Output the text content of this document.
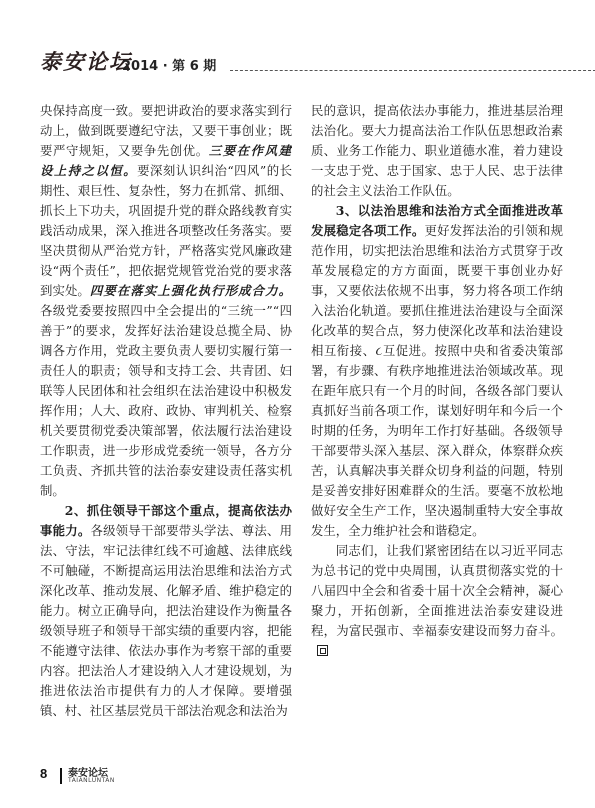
泰安论坛
2014 · 第 6 期

央保持高度一致。要把讲政治的要求落实到行动上，做到既要遵纪守法，又要干事创业；既要严守规矩，又要争先创优。三要在作风建设上持之以恒。要深刻认识纠治“四风”的长期性、艰巨性、复杂性，努力在抓常、抓细、抓长上下功夫，巩固提升党的群众路线教育实践活动成果，深入推进各项整改任务落实。要坚决贯彻从严治党方针，严格落实党风廉政建设“两个责任”，把依据党规管党治党的要求落到实处。四要在落实上强化执行形成合力。各级党委要按照四中全会提出的“三统一”“四善于”的要求，发挥好法治建设总揽全局、协调各方作用，党政主要负责人要切实履行第一责任人的职责；领导和支持工会、共青团、妇联等人民团体和社会组织在法治建设中积极发挥作用；人大、政府、政协、审判机关、检察机关要贯彻党委决策部署，依法履行法治建设工作职责，进一步形成党委统一领导，各方分工负责、齐抓共管的法治泰安建设责任落实机制。

2、抓住领导干部这个重点，提高依法办事能力。各级领导干部要带头学法、尊法、用法、守法，牢记法律红线不可逾越、法律底线不可触碰，不断提高运用法治思维和法治方式深化改革、推动发展、化解矛盾、维护稳定的能力。树立正确导向，把法治建设作为衡量各级领导班子和领导干部实绩的重要内容，把能不能遵守法律、依法办事作为考察干部的重要内容。把法治人才建设纳入人才建设规划，为推进依法治市提供有力的人才保障。要增强镇、村、社区基层党员干部法治观念和法治为

民的意识，提高依法办事能力，推进基层治理法治化。要大力提高法治工作队伍思想政治素质、业务工作能力、职业道德水准，着力建设一支忠于党、忠于国家、忠于人民、忠于法律的社会主义法治工作队伍。

3、以法治思维和法治方式全面推进改革发展稳定各项工作。更好发挥法治的引领和规范作用，切实把法治思维和法治方式贯穿于改革发展稳定的方方面面，既要干事创业办好事，又要依法依规不出事，努力将各项工作纳入法治化轨道。要抓住推进法治建设与全面深化改革的契合点，努力使深化改革和法治建设相互衔接、૮互促进。按照中央和省委决策部署，有步骤、有秩序地推进法治领域改革。现在距年底只有一个月的时间，各级各部门要认真抓好当前各项工作，谋划好明年和今后一个时期的任务，为明年工作打好基础。各级领导干部要带头深入基层、深入群众，体察群众疾苦，认真解决事关群众切身利益的问题，特别是妥善安排好困难群众的生活。要毫不放松地做好安全生产工作，坚决遏制重特大安全事故发生，全力维护社会和谐稳定。

同志们，让我们紧密团结在以习近平同志为总书记的党中央周围，认真贯彻落实党的十八届四中全会和省委十届十次全会精神，凝心聚力，开拓创新，全面推进法治泰安建设进程，为富民强市、幸福泰安建设而努力奋斗。

8 泰安论坛
TAIANLUNTAN
